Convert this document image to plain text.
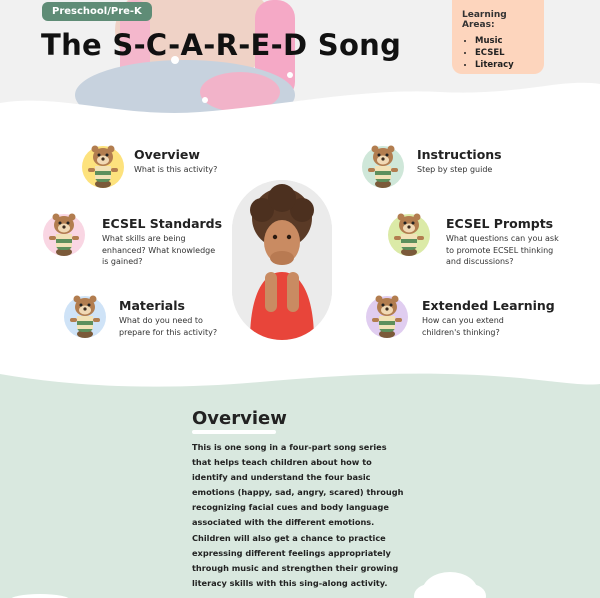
Preschool/Pre-K
The S-C-A-R-E-D Song
Learning Areas:
• Music
• ECSEL
• Literacy
Overview
What is this activity?
Instructions
Step by step guide
ECSEL Standards
What skills are being enhanced? What knowledge is gained?
ECSEL Prompts
What questions can you ask to promote ECSEL thinking and discussions?
Materials
What do you need to prepare for this activity?
Extended Learning
How can you extend children's thinking?
Overview
This is one song in a four-part song series that helps teach children about how to identify and understand the four basic emotions (happy, sad, angry, scared) through recognizing facial cues and body language associated with the different emotions. Children will also get a chance to practice expressing different feelings appropriately through music and strengthen their growing literacy skills with this sing-along activity.
